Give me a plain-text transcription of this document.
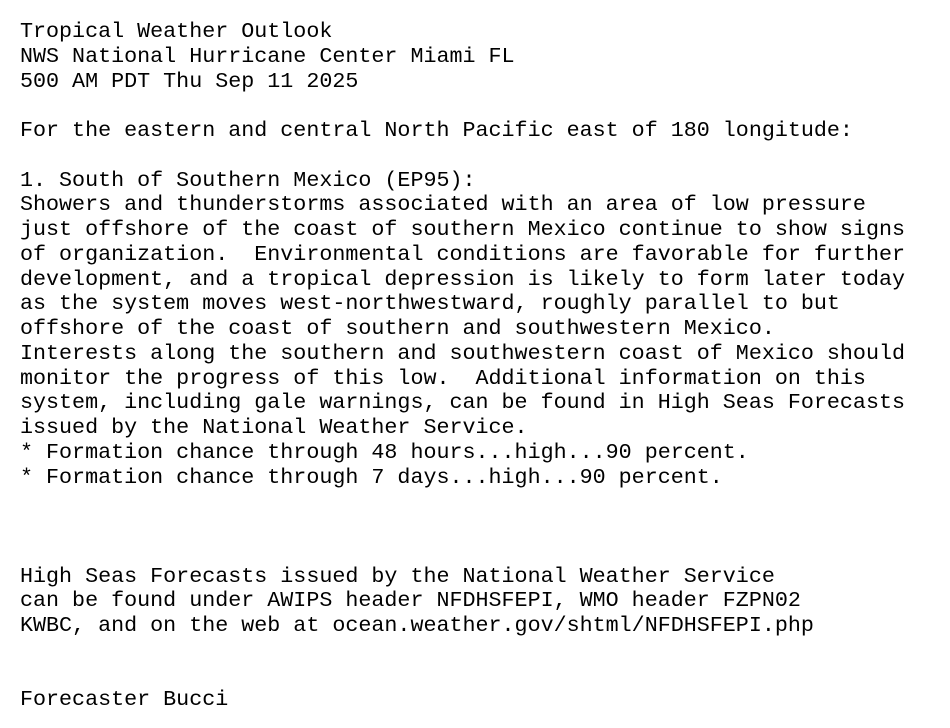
Tropical Weather Outlook
NWS National Hurricane Center Miami FL
500 AM PDT Thu Sep 11 2025
For the eastern and central North Pacific east of 180 longitude:
1. South of Southern Mexico (EP95):
Showers and thunderstorms associated with an area of low pressure
just offshore of the coast of southern Mexico continue to show signs
of organization.  Environmental conditions are favorable for further
development, and a tropical depression is likely to form later today
as the system moves west-northwestward, roughly parallel to but
offshore of the coast of southern and southwestern Mexico.
Interests along the southern and southwestern coast of Mexico should
monitor the progress of this low.  Additional information on this
system, including gale warnings, can be found in High Seas Forecasts
issued by the National Weather Service.
* Formation chance through 48 hours...high...90 percent.
* Formation chance through 7 days...high...90 percent.
High Seas Forecasts issued by the National Weather Service
can be found under AWIPS header NFDHSFEPI, WMO header FZPN02
KWBC, and on the web at ocean.weather.gov/shtml/NFDHSFEPI.php
Forecaster Bucci
